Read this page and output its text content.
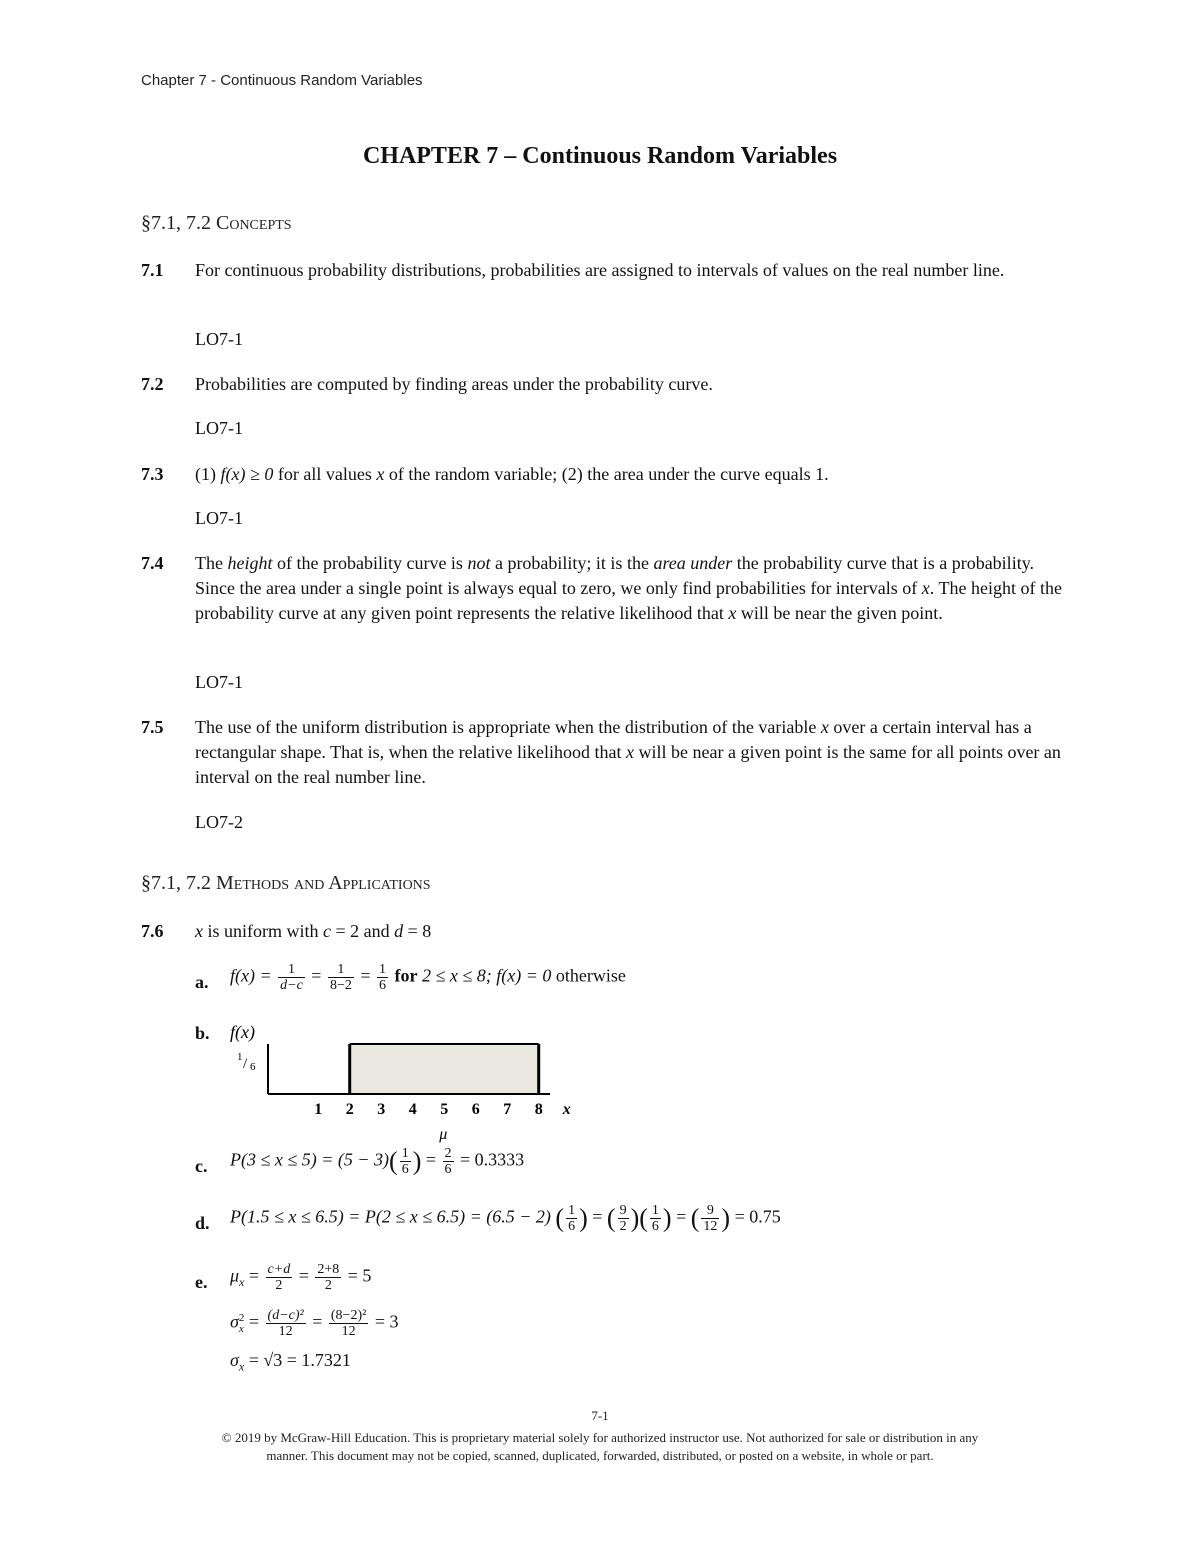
Chapter 7 - Continuous Random Variables
CHAPTER 7 – Continuous Random Variables
§7.1, 7.2 Concepts
7.1 For continuous probability distributions, probabilities are assigned to intervals of values on the real number line.
LO7-1
7.2 Probabilities are computed by finding areas under the probability curve.
LO7-1
7.3 (1) f(x) ≥ 0 for all values x of the random variable; (2) the area under the curve equals 1.
LO7-1
7.4 The height of the probability curve is not a probability; it is the area under the probability curve that is a probability. Since the area under a single point is always equal to zero, we only find probabilities for intervals of x. The height of the probability curve at any given point represents the relative likelihood that x will be near the given point.
LO7-1
7.5 The use of the uniform distribution is appropriate when the distribution of the variable x over a certain interval has a rectangular shape. That is, when the relative likelihood that x will be near a given point is the same for all points over an interval on the real number line.
LO7-2
§7.1, 7.2 Methods and Applications
7.6 x is uniform with c = 2 and d = 8
a. $f(x) = \frac{1}{d-c} = \frac{1}{8-2} = \frac{1}{6}$ for 2 ≤ x ≤ 8; f(x) = 0 otherwise
b. f(x)
1 / 6
1 2 3 4 5 6 7 8 x
μ
c. $P(3 \le x \le 5) = (5 - 3)( \frac{1}{6}$ ) = $\frac{2}{6} = 0.3333$
d. P(1.5 ≤ x ≤ 6.5) = P(2 ≤ x ≤ 6.5) = (6.5 − 2) ( $\frac{1}{6}$ ) = ( $\frac{9}{2}$ )( $\frac{1}{6}$ ) = ( $\frac{9}{12}$ ) = 0.75
e. $\mu_x = \frac{c+d}{2} = \frac{2+8}{2} = 5$
σ 2
$x = \frac{\text{(d−c)²}}{12} = \frac{\text{(8−2)²}}{12} = 3$
$\sigma_x = √3 = 1.7321$
7-1
© 2019 by McGraw-Hill Education. This is proprietary material solely for authorized instructor use. Not authorized for sale or distribution in any
manner. This document may not be copied, scanned, duplicated, forwarded, distributed, or posted on a website, in whole or part.
